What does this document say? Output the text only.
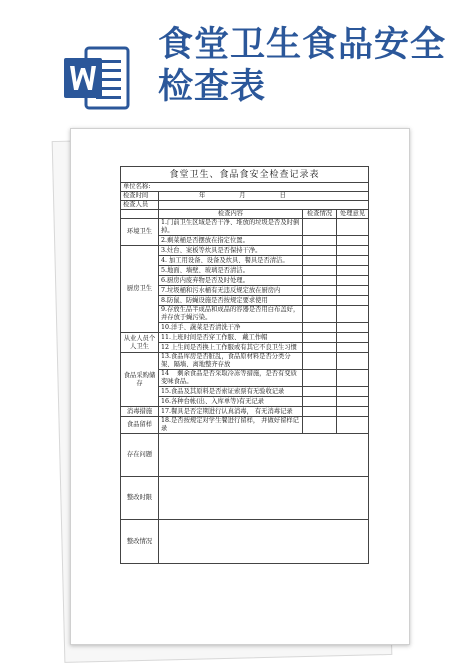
食堂卫生食品安全检查表
食堂卫生、食品食安全检查记录表			
单位名称:			
检查时间	年 月 日		
检查人员			
	检查内容	检查情况	处理意见
环境卫生	1.门前卫生区域是否干净、堆放的垃圾是否及时倒掉。		
	2.剩菜桶是否摆放在指定位置。		
厨房卫生	3.灶台、案板等炊具是否保持干净。		
	4. 加工用设备、设备及炊具、餐具是否清洁。		
	5.地面、墙壁、玻璃是否清洁。		
	6.厨房内废弃物是否及时处理。		
	7.垃圾桶和污水桶有无违反规定放在厨房内		
	8.防鼠、防蝇设施是否按规定要求使用		
	9.存放生品半成品和成品的容器是否用白布盖好，并存放于蝇污染。		
	10.洋手、蔬菜是否清洗干净		
从业人员个人卫生	11.上班时间是否穿工作服、 戴工作帽		
	12 上生间是否换上工作服或有其它不良卫生习惯		
食品采购储存	13.食品库房是否脏乱，食品原材料是否分类分架、隔墙、离地整齐存放		
	14 　剩余食品是否采取冷冻等措施，是否有变质变味食品。		
	15.食品及其原料是否索证索票有无验收记录		
	16.各种台帐(出、入库单等)有无记录		
消毒措施	17.餐具是否定期进行认真消毒， 有无消毒记录		
食品留样	18.是否按规定对学生餐进行留样， 并做好留样记录		
存在问题			
整改时限			
整改情况			
